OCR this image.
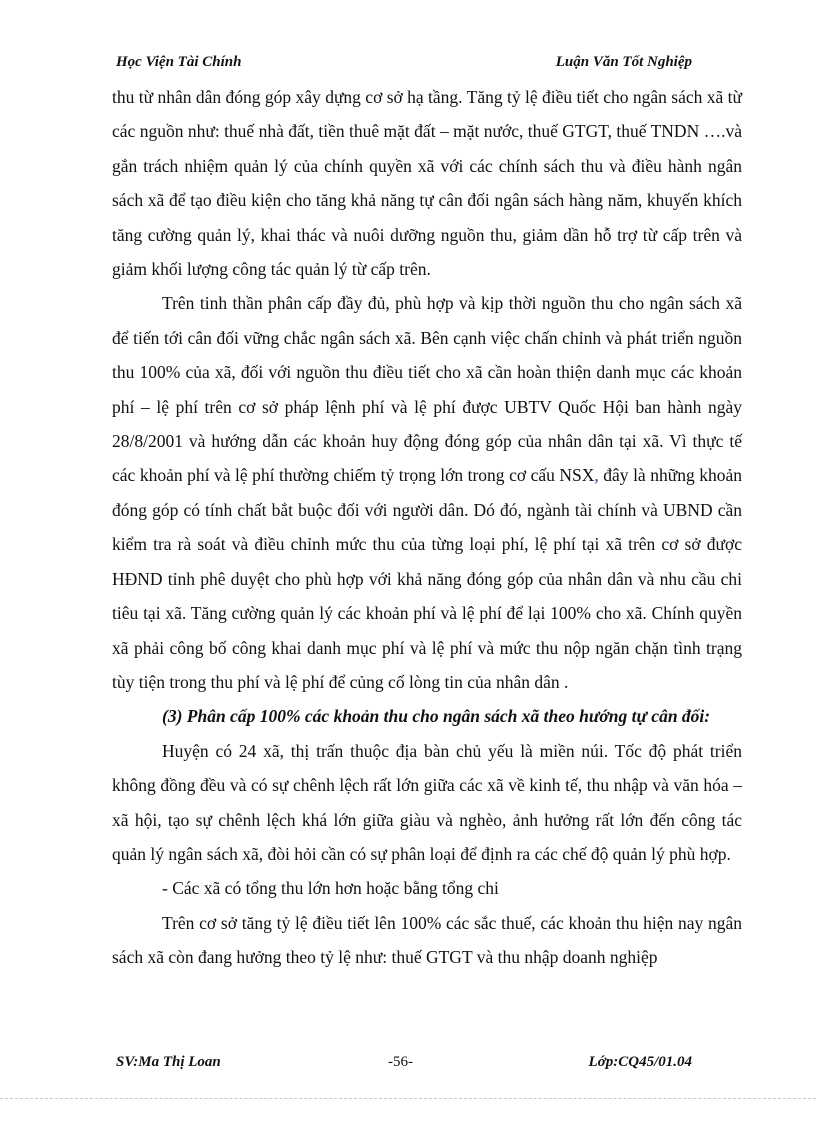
Học Viện Tài Chính	Luận Văn Tốt Nghiệp

thu từ nhân dân đóng góp xây dựng cơ sở hạ tầng. Tăng tỷ lệ điều tiết cho ngân sách xã từ các nguồn như: thuế nhà đất, tiền thuê mặt đất – mặt nước, thuế GTGT, thuế TNDN ….và gắn trách nhiệm quản lý của chính quyền xã với các chính sách thu và điều hành ngân sách xã để tạo điều kiện cho tăng khả năng tự cân đối ngân sách hàng năm, khuyến khích tăng cường quản lý, khai thác và nuôi dưỡng nguồn thu, giảm dần hỗ trợ từ cấp trên và giảm khối lượng công tác quản lý từ cấp trên.

Trên tinh thần phân cấp đầy đủ, phù hợp và kịp thời nguồn thu cho ngân sách xã để tiến tới cân đối vững chắc ngân sách xã. Bên cạnh việc chấn chỉnh và phát triển nguồn thu 100% của xã, đối với nguồn thu điều tiết cho xã cần hoàn thiện danh mục các khoản phí – lệ phí trên cơ sở pháp lệnh phí và lệ phí được UBTV Quốc Hội ban hành ngày 28/8/2001 và hướng dẫn các khoản huy động đóng góp của nhân dân tại xã. Vì thực tế các khoản phí và lệ phí thường chiếm tỷ trọng lớn trong cơ cấu NSX, đây là những khoản đóng góp có tính chất bắt buộc đối với người dân. Dó đó, ngành tài chính và UBND cần kiểm tra rà soát và điều chỉnh mức thu của từng loại phí, lệ phí tại xã trên cơ sở được HĐND tỉnh phê duyệt cho phù hợp với khả năng đóng góp của nhân dân và nhu cầu chi tiêu tại xã. Tăng cường quản lý các khoản phí và lệ phí để lại 100% cho xã. Chính quyền xã phải công bố công khai danh mục phí và lệ phí và mức thu nộp ngăn chặn tình trạng tùy tiện trong thu phí và lệ phí để củng cố lòng tin của nhân dân .

(3) Phân cấp 100% các khoản thu cho ngân sách xã theo hướng tự cân đối:

Huyện có 24 xã, thị trấn thuộc địa bàn chủ yếu là miền núi. Tốc độ phát triển không đồng đều và có sự chênh lệch rất lớn giữa các xã về kinh tế, thu nhập và văn hóa – xã hội, tạo sự chênh lệch khá lớn giữa giàu và nghèo, ảnh hưởng rất lớn đến công tác quản lý ngân sách xã, đòi hỏi cần có sự phân loại để định ra các chế độ quản lý phù hợp.

- Các xã có tổng thu lớn hơn hoặc bằng tổng chi

Trên cơ sở tăng tỷ lệ điều tiết lên 100% các sắc thuế, các khoản thu hiện nay ngân sách xã còn đang hưởng theo tỷ lệ như: thuế GTGT và thu nhập doanh nghiệp

SV:Ma Thị Loan	-56-	Lớp:CQ45/01.04
